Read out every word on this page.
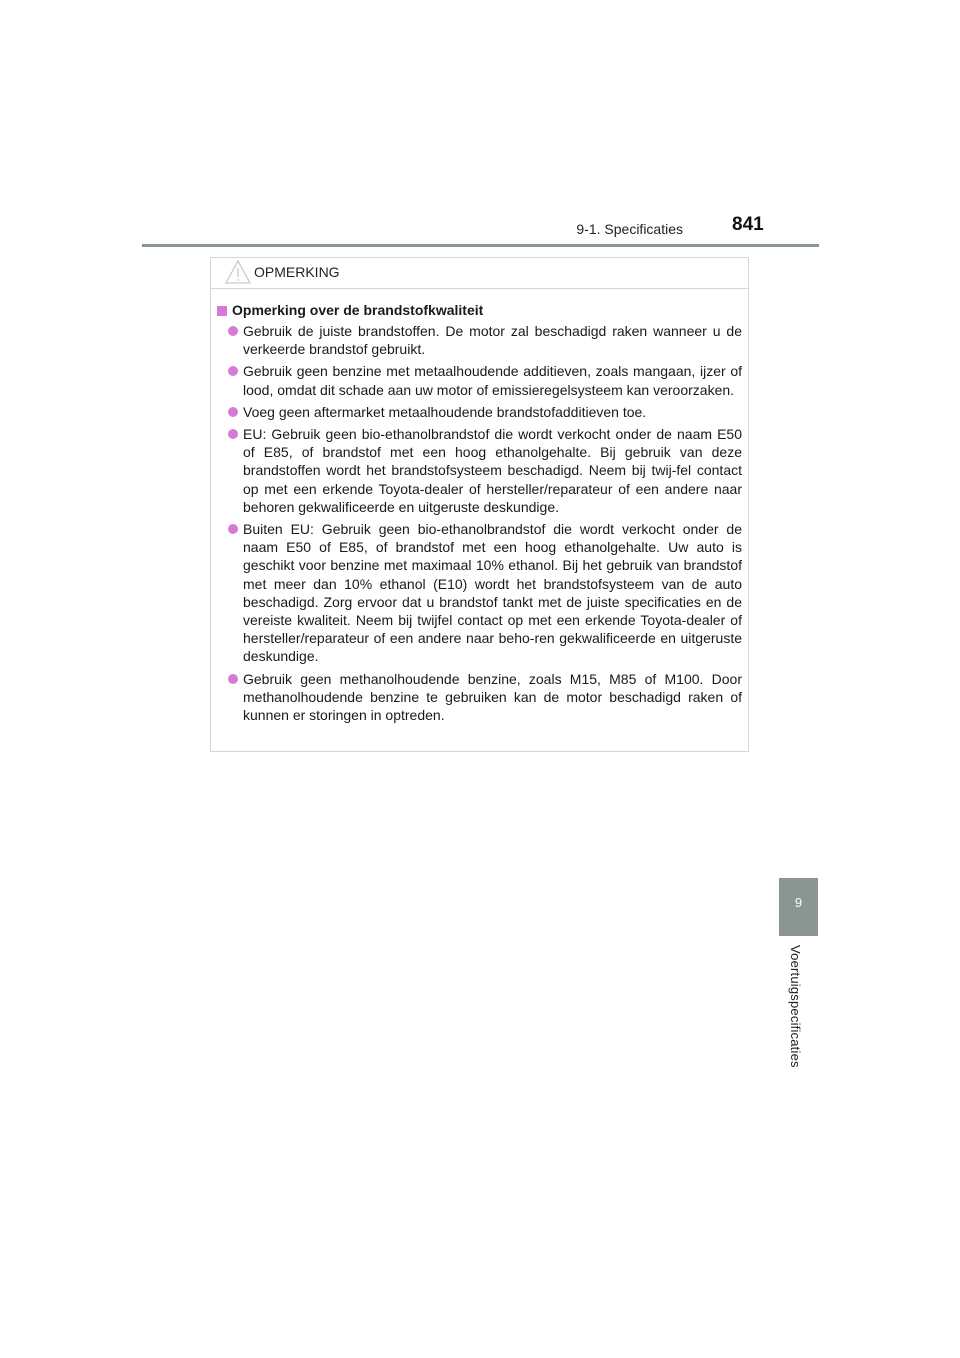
9-1. Specificaties	841
OPMERKING
Opmerking over de brandstofkwaliteit
Gebruik de juiste brandstoffen. De motor zal beschadigd raken wanneer u de verkeerde brandstof gebruikt.
Gebruik geen benzine met metaalhoudende additieven, zoals mangaan, ijzer of lood, omdat dit schade aan uw motor of emissieregelsysteem kan veroorzaken.
Voeg geen aftermarket metaalhoudende brandstofadditieven toe.
EU: Gebruik geen bio-ethanolbrandstof die wordt verkocht onder de naam E50 of E85, of brandstof met een hoog ethanolgehalte. Bij gebruik van deze brandstoffen wordt het brandstofsysteem beschadigd. Neem bij twij-fel contact op met een erkende Toyota-dealer of hersteller/reparateur of een andere naar behoren gekwalificeerde en uitgeruste deskundige.
Buiten EU: Gebruik geen bio-ethanolbrandstof die wordt verkocht onder de naam E50 of E85, of brandstof met een hoog ethanolgehalte. Uw auto is geschikt voor benzine met maximaal 10% ethanol. Bij het gebruik van brandstof met meer dan 10% ethanol (E10) wordt het brandstofsysteem van de auto beschadigd. Zorg ervoor dat u brandstof tankt met de juiste specificaties en de vereiste kwaliteit. Neem bij twijfel contact op met een erkende Toyota-dealer of hersteller/reparateur of een andere naar beho-ren gekwalificeerde en uitgeruste deskundige.
Gebruik geen methanolhoudende benzine, zoals M15, M85 of M100. Door methanolhoudende benzine te gebruiken kan de motor beschadigd raken of kunnen er storingen in optreden.
9
Voertuigspecificaties
